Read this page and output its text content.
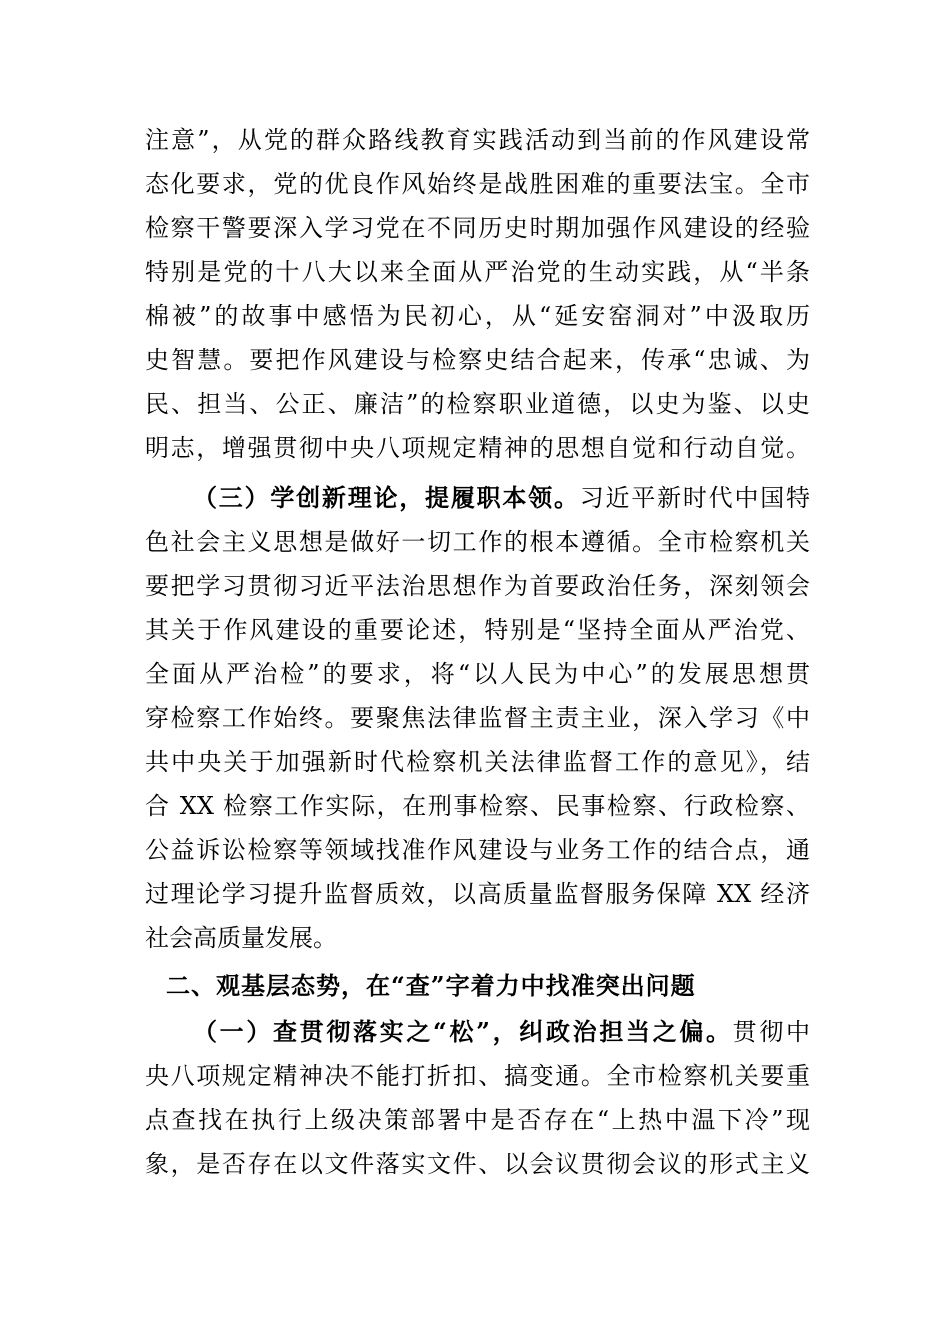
注意”，从党的群众路线教育实践活动到当前的作风建设常
态化要求，党的优良作风始终是战胜困难的重要法宝。全市
检察干警要深入学习党在不同历史时期加强作风建设的经验
特别是党的十八大以来全面从严治党的生动实践，从“半条
棉被”的故事中感悟为民初心，从“延安窑洞对”中汲取历
史智慧。要把作风建设与检察史结合起来，传承“忠诚、为
民、担当、公正、廉洁”的检察职业道德，以史为鉴、以史
明志，增强贯彻中央八项规定精神的思想自觉和行动自觉。
（三）学创新理论，提履职本领。习近平新时代中国特
色社会主义思想是做好一切工作的根本遵循。全市检察机关
要把学习贯彻习近平法治思想作为首要政治任务，深刻领会
其关于作风建设的重要论述，特别是“坚持全面从严治党、
全面从严治检”的要求，将“以人民为中心”的发展思想贯
穿检察工作始终。要聚焦法律监督主责主业，深入学习《中
共中央关于加强新时代检察机关法律监督工作的意见》，结
合 XX 检察工作实际，在刑事检察、民事检察、行政检察、
公益诉讼检察等领域找准作风建设与业务工作的结合点，通
过理论学习提升监督质效，以高质量监督服务保障 XX 经济
社会高质量发展。
二、观基层态势，在“查”字着力中找准突出问题
（一）查贯彻落实之“松”，纠政治担当之偏。贯彻中
央八项规定精神决不能打折扣、搞变通。全市检察机关要重
点查找在执行上级决策部署中是否存在“上热中温下冷”现
象，是否存在以文件落实文件、以会议贯彻会议的形式主义
